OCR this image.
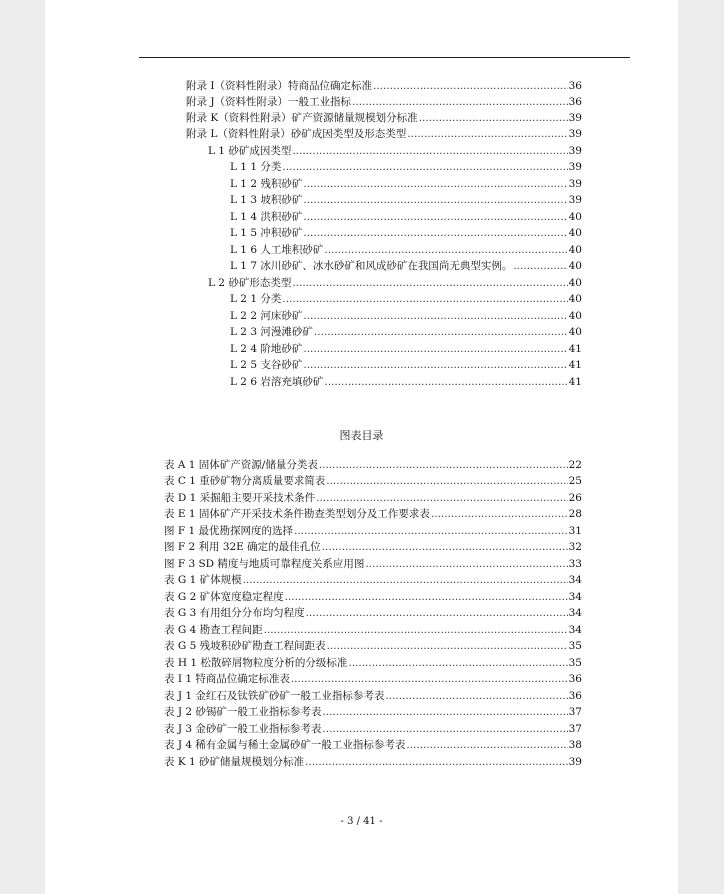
附录 I（资料性附录）特商品位确定标准 .....	36
附录 J（资料性附录）一般工业指标 .....	36
附录 K（资料性附录）矿产资源储量规模划分标准 .....	39
附录 L（资料性附录）砂矿成因类型及形态类型 .....	39
L 1 砂矿成因类型 .....	39
L 1 1 分类 .....	39
L 1 2 残积砂矿 .....	39
L 1 3 坡积砂矿 .....	39
L 1 4 洪积砂矿 .....	40
L 1 5 冲积砂矿 .....	40
L 1 6 人工堆积砂矿 .....	40
L 1 7 冰川砂矿、冰水砂矿和风成砂矿在我国尚无典型实例。 .....	40
L 2 砂矿形态类型 .....	40
L 2 1 分类 .....	40
L 2 2 河床砂矿 .....	40
L 2 3 河漫滩砂矿 .....	40
L 2 4 阶地砂矿 .....	41
L 2 5 支谷砂矿 .....	41
L 2 6 岩溶充填砂矿 .....	41
图表目录
表 A 1 固体矿产资源/储量分类表 .....	22
表 C 1 重砂矿物分离质量要求简表 .....	25
表 D 1 采掘船主要开采技术条件 .....	26
表 E 1 固体矿产开采技术条件勘查类型划分及工作要求表 .....	28
图 F 1 最优勘探网度的选择 .....	31
图 F 2 利用 32E 确定的最佳孔位 .....	32
图 F 3 SD 精度与地质可靠程度关系应用图 .....	33
表 G 1 矿体规模 .....	34
表 G 2 矿体宽度稳定程度 .....	34
表 G 3 有用组分分布均匀程度 .....	34
表 G 4 勘查工程间距 .....	34
表 G 5 残坡积砂矿勘查工程间距表 .....	35
表 H 1 松散碎屑物粒度分析的分级标准 .....	35
表 I 1 特商品位确定标准表 .....	36
表 J 1 金红石及钛铁矿砂矿一般工业指标参考表 .....	36
表 J 2 砂锡矿一般工业指标参考表 .....	37
表 J 3 金砂矿一般工业指标参考表 .....	37
表 J 4 稀有金属与稀土金属砂矿一般工业指标参考表 .....	38
表 K 1 砂矿储量规模划分标准 .....	39
- 3 / 41 -
